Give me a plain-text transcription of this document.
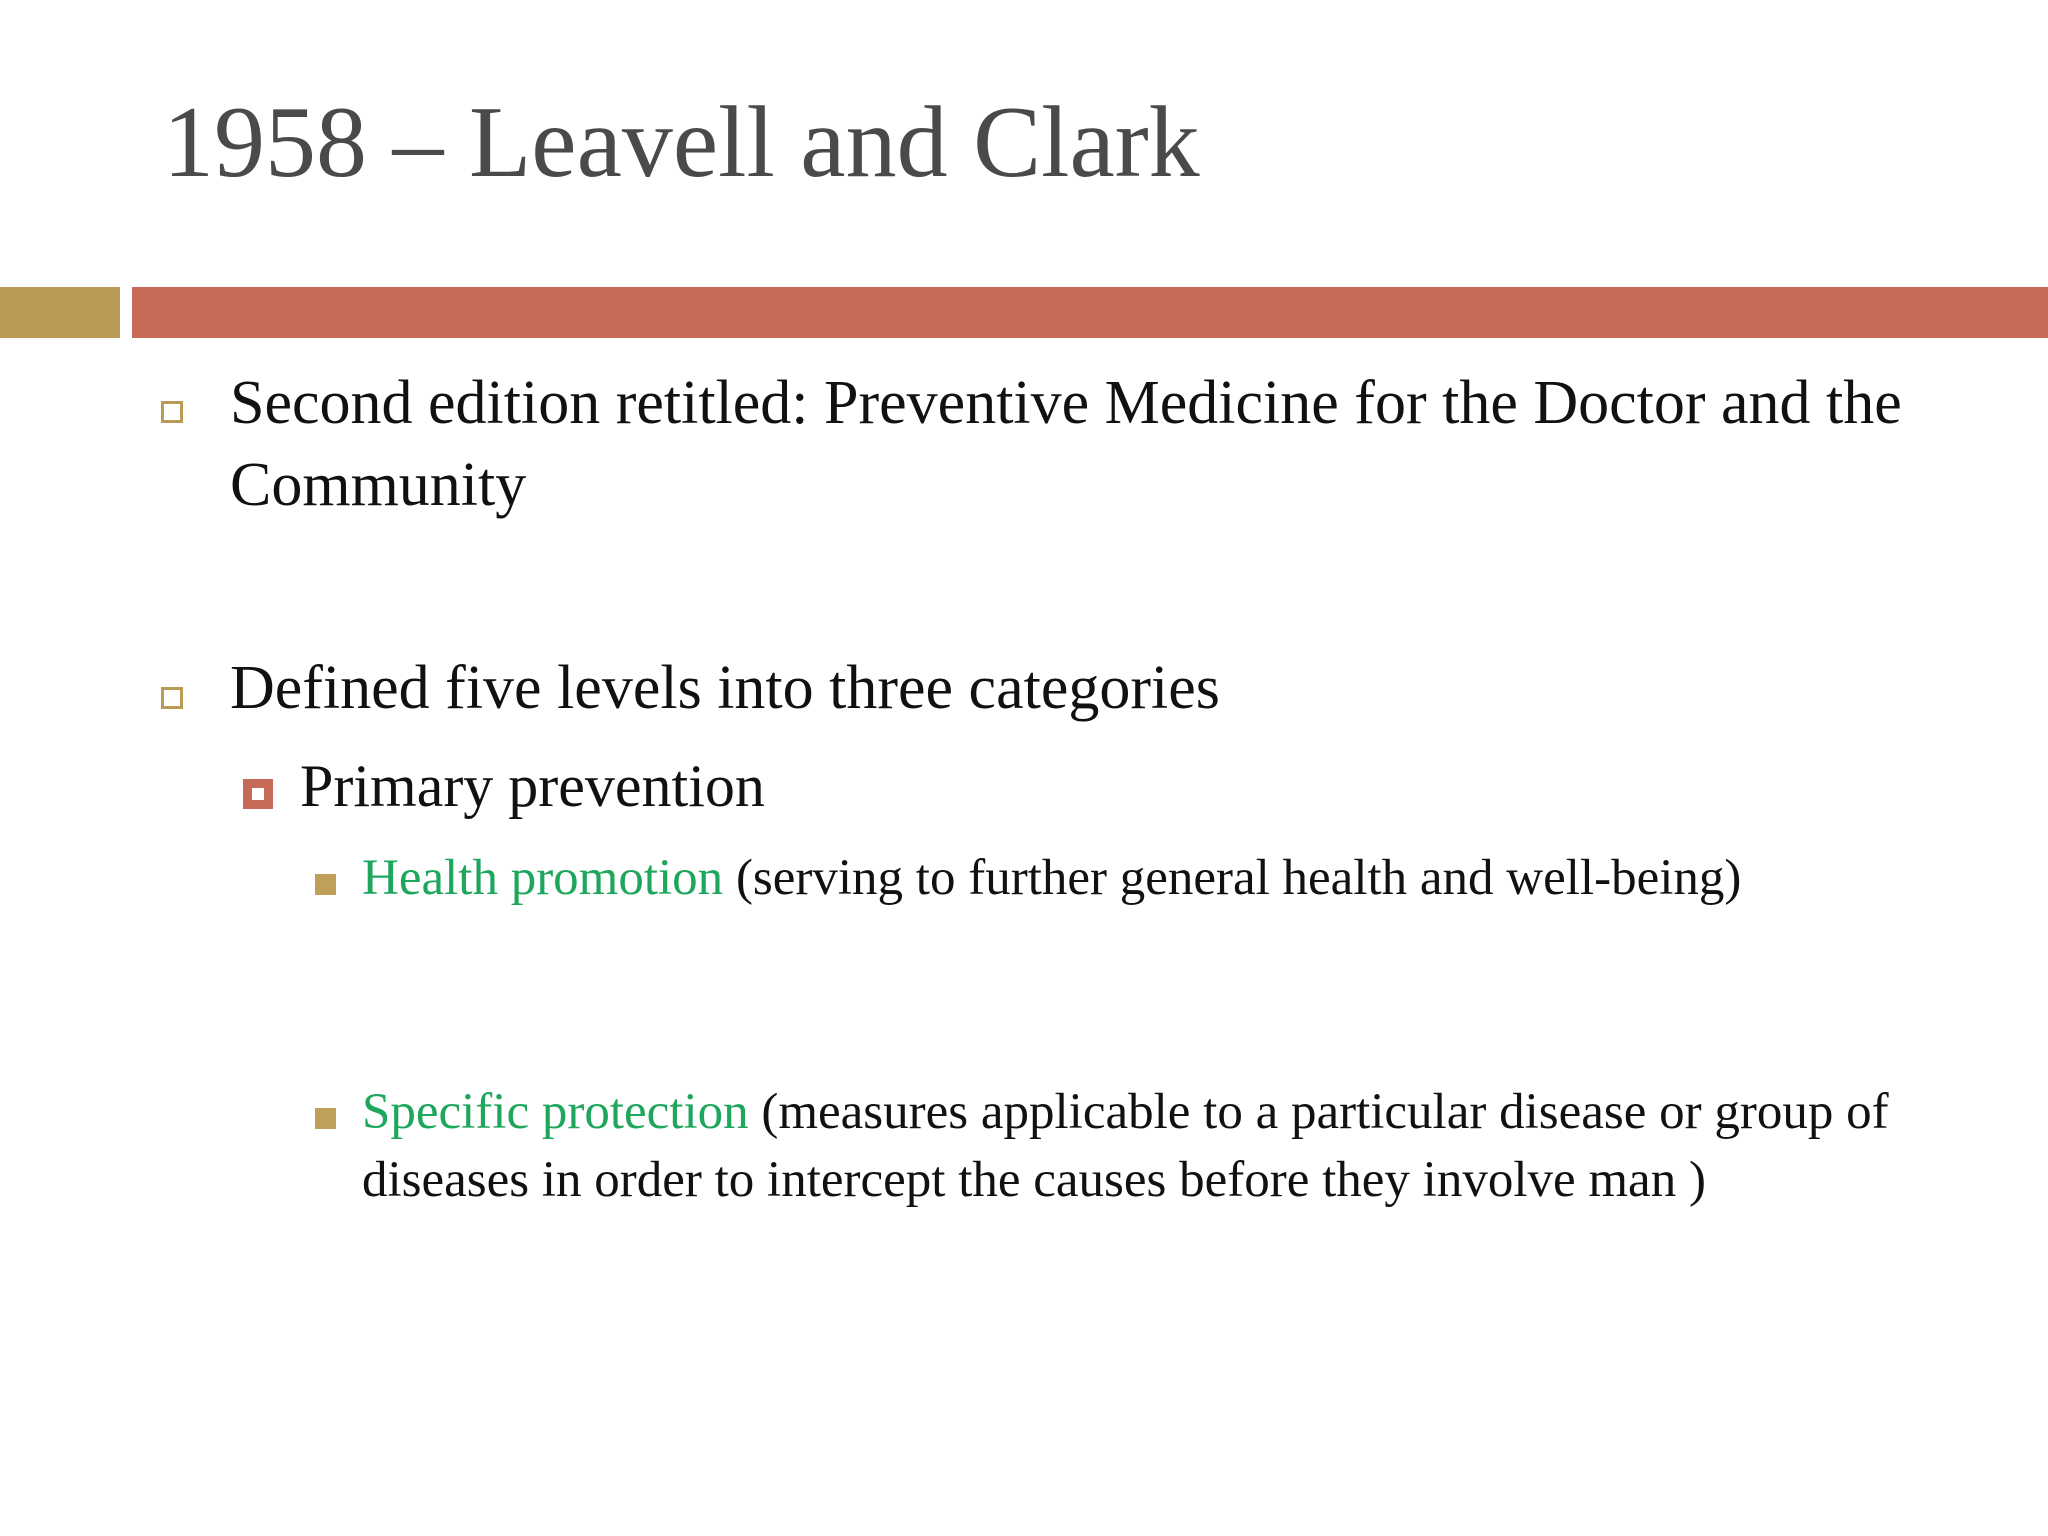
1958 – Leavell and Clark
Second edition retitled: Preventive Medicine for the Doctor and the Community
Defined five levels into three categories
Primary prevention
Health promotion (serving to further general health and well-being)
Specific protection (measures applicable to a particular disease or group of diseases in order to intercept the causes before they involve man )
